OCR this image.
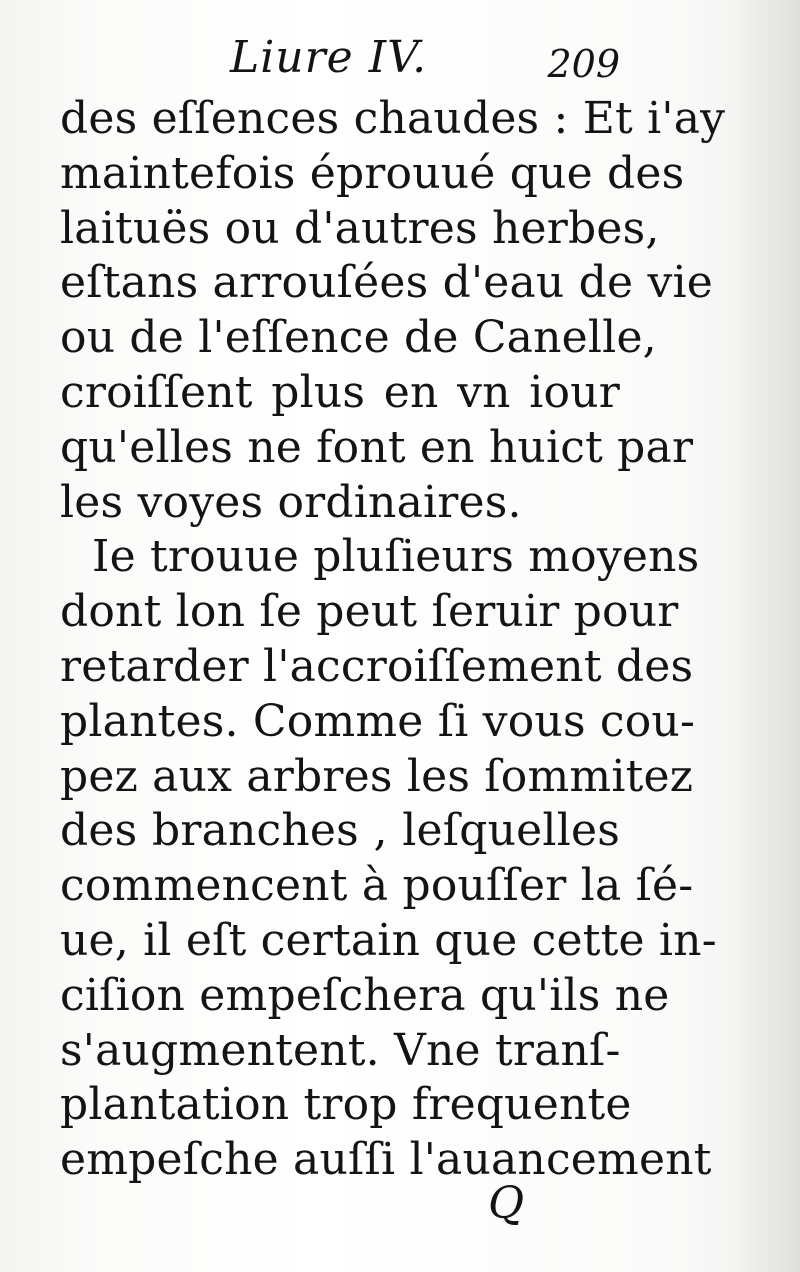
Liure IV.	209
des eſſences chaudes : Et i'ay
maintefois éprouué que des
laituës ou d'autres herbes,
eſtans arrouſées d'eau de vie
ou de l'eſſence de Canelle,
croiſſent plus en vn iour
qu'elles ne font en huict par
les voyes ordinaires.
Ie trouue pluſieurs moyens
dont lon ſe peut ſeruir pour
retarder l'accroiſſement des
plantes. Comme ſi vous cou-
pez aux arbres les ſommitez
des branches , leſquelles
commencent à pouſſer la ſé-
ue, il eſt certain que cette in-
ciſion empeſchera qu'ils ne
s'augmentent. Vne tranſ-
plantation trop frequente
empeſche auſſi l'auancement
Q
